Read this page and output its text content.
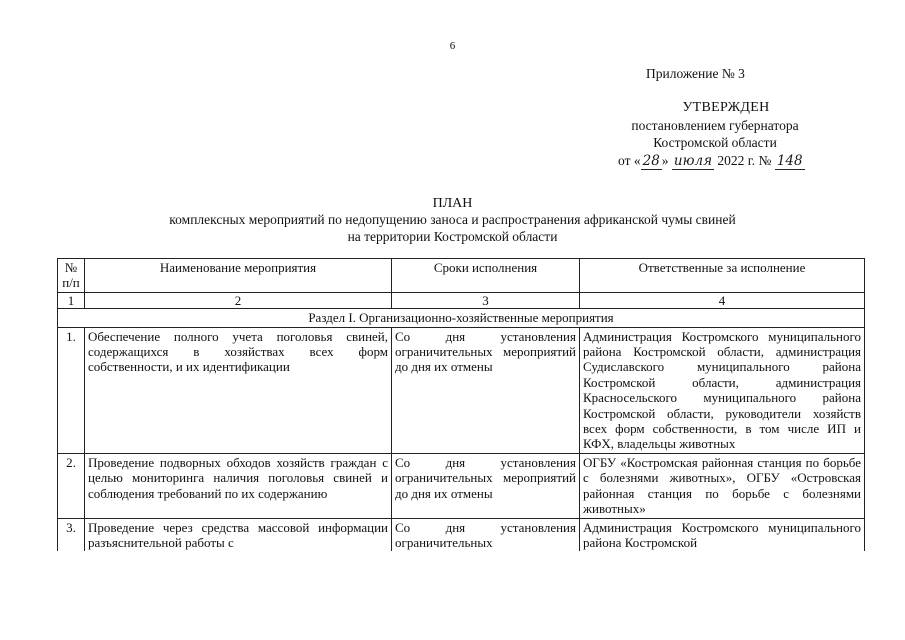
6
Приложение № 3
УТВЕРЖДЕН
постановлением губернатора
Костромской области
от « 28 » июля 2022 г. № 148
ПЛАН
комплексных мероприятий по недопущению заноса и распространения африканской чумы свиней
на территории Костромской области
№ п/п	Наименование мероприятия	Сроки исполнения	Ответственные за исполнение
1	2	3	4
Раздел I. Организационно-хозяйственные мероприятия			
1.	Обеспечение полного учета поголовья свиней, содержащихся в хозяйствах всех форм собственности, и их идентификации	Со дня установления ограничительных мероприятий до дня их отмены	Администрация Костромского муниципального района Костромской области, администрация Судиславского муниципального района Костромской области, администрация Красносельского муниципального района Костромской области, руководители хозяйств всех форм собственности, в том числе ИП и КФХ, владельцы животных
2.	Проведение подворных обходов хозяйств граждан с целью мониторинга наличия поголовья свиней и соблюдения требований по их содержанию	Со дня установления ограничительных мероприятий до дня их отмены	ОГБУ «Костромская районная станция по борьбе с болезнями животных», ОГБУ «Островская районная станция по борьбе с болезнями животных»
3.	Проведение через средства массовой информации разъяснительной работы с	Со дня установления ограничительных	Администрация Костромского муниципального района Костромской
